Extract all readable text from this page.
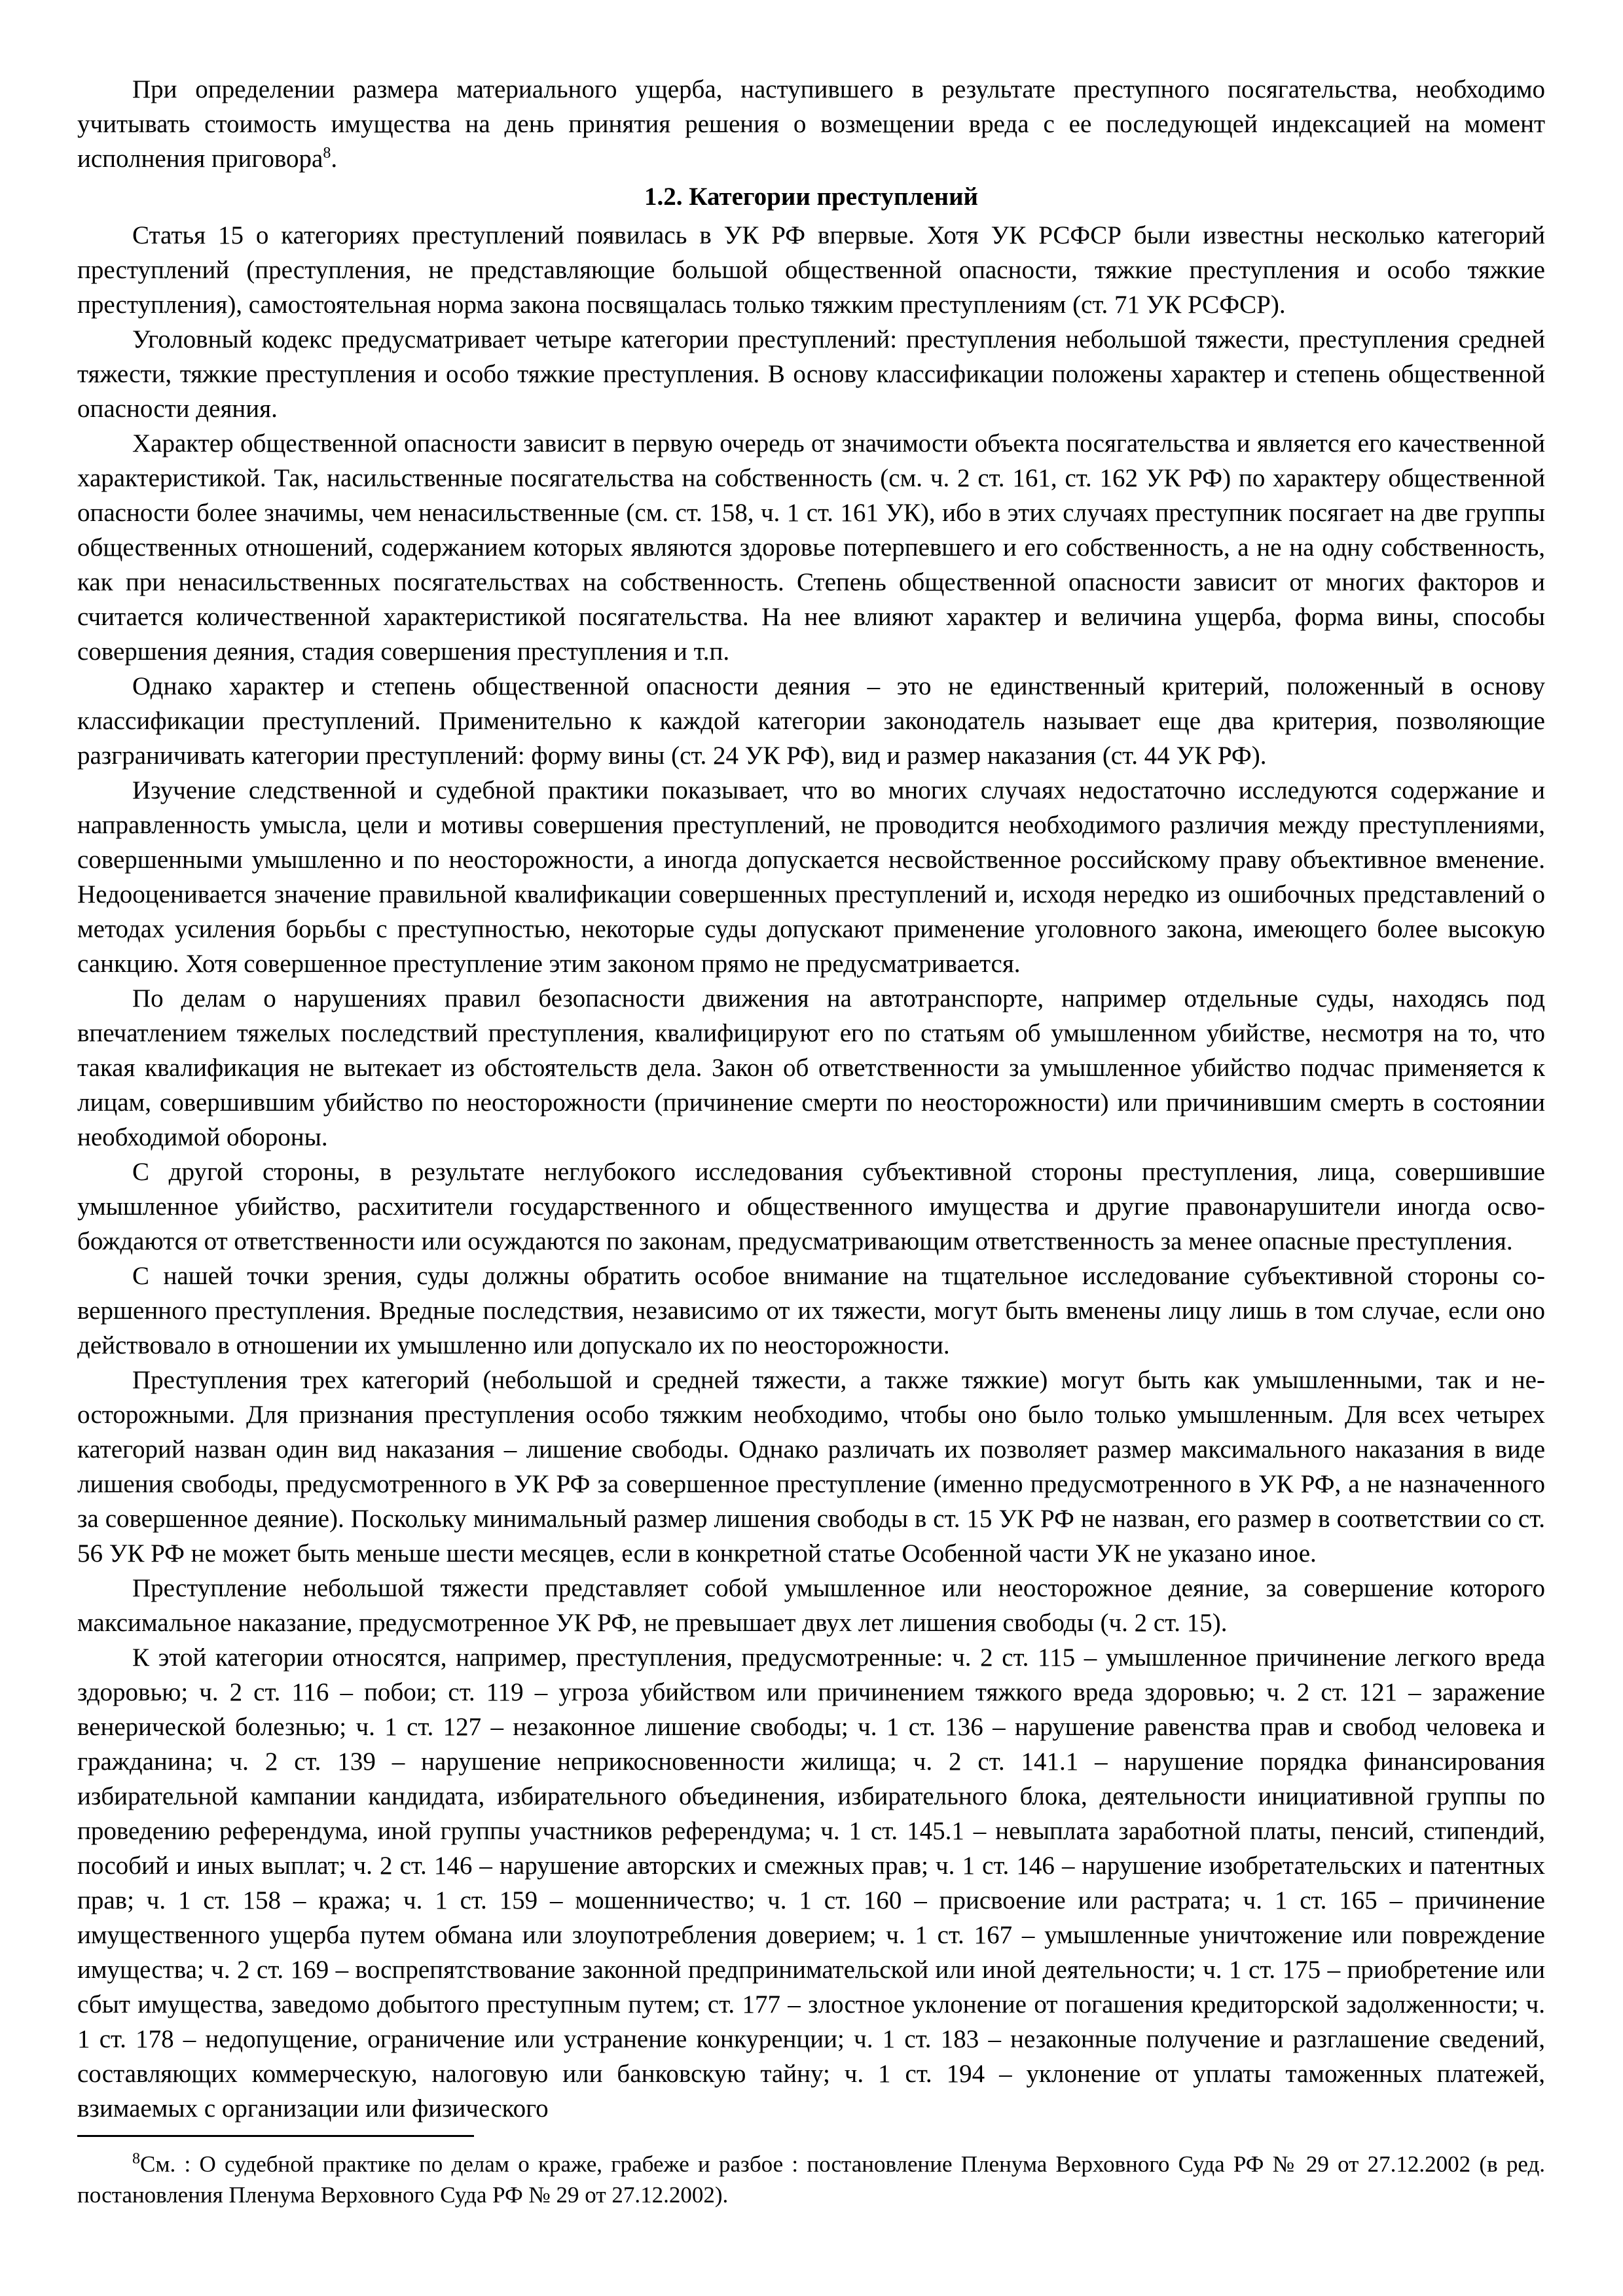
При определении размера материального ущерба, наступившего в результате преступного посягательства, необходимо учитывать стоимость имущества на день принятия решения о возмещении вреда с ее последующей индексацией на момент исполнения приговора$^8$.

1.2. Категории преступлений

Статья 15 о категориях преступлений появилась в УК РФ впервые. Хотя УК РСФСР были известны несколько категорий преступлений (преступления, не представляющие большой общественной опасности, тяжкие преступления и особо тяжкие преступления), самостоятельная норма закона посвящалась только тяжким преступлениям (ст. 71 УК РСФСР).

Уголовный кодекс предусматривает четыре категории преступлений: преступления небольшой тяжести, преступления средней тяжести, тяжкие преступления и особо тяжкие преступления. В основу классификации положены характер и степень общественной опасности деяния.

Характер общественной опасности зависит в первую очередь от значимости объекта посягательства и является его качественной характеристикой. Так, насильственные посягательства на собственность (см. ч. 2 ст. 161, ст. 162 УК РФ) по характеру общественной опасности более значимы, чем ненасильственные (см. ст. 158, ч. 1 ст. 161 УК), ибо в этих случаях преступник посягает на две группы общественных отношений, содержанием которых являются здоровье потерпевшего и его собственность, а не на одну собственность, как при ненасильственных посягательствах на собственность. Степень общественной опасности зависит от многих факторов и считается количественной характеристикой посягательства. На нее влияют характер и величина ущерба, форма вины, способы совершения деяния, стадия совершения преступления и т.п.

Однако характер и степень общественной опасности деяния – это не единственный критерий, положенный в основу классификации преступлений. Применительно к каждой категории законодатель называет еще два критерия, позволяющие разграничивать категории преступлений: форму вины (ст. 24 УК РФ), вид и размер наказания (ст. 44 УК РФ).

Изучение следственной и судебной практики показывает, что во многих случаях недостаточно исследуются содержание и направленность умысла, цели и мотивы совершения преступлений, не проводится необходимого различия между преступлениями, совершенными умышленно и по неосторожности, а иногда допускается несвойственное российскому праву объективное вменение. Недооценивается значение правильной квалификации совершенных преступлений и, исходя нередко из ошибочных представлений о методах усиления борьбы с преступностью, некоторые суды допускают применение уголовного закона, имеющего более высокую санкцию. Хотя совершенное преступление этим законом прямо не предусматривается.

По делам о нарушениях правил безопасности движения на автотранспорте, например отдельные суды, находясь под впечатлением тяжелых последствий преступления, квалифицируют его по статьям об умышленном убийстве, несмотря на то, что такая квалификация не вытекает из обстоятельств дела. Закон об ответственности за умышленное убийство подчас применяется к лицам, совершившим убийство по неосторожности (причинение смерти по неосторожности) или причинившим смерть в состоянии необходимой обороны.

С другой стороны, в результате неглубокого исследования субъективной стороны преступления, лица, совершившие умышленное убийство, расхитители государственного и общественного имущества и другие правонарушители иногда освобождаются от ответственности или осуждаются по законам, предусматривающим ответственность за менее опасные преступления.

С нашей точки зрения, суды должны обратить особое внимание на тщательное исследование субъективной стороны совершенного преступления. Вредные последствия, независимо от их тяжести, могут быть вменены лицу лишь в том случае, если оно действовало в отношении их умышленно или допускало их по неосторожности.

Преступления трех категорий (небольшой и средней тяжести, а также тяжкие) могут быть как умышленными, так и неосторожными. Для признания преступления особо тяжким необходимо, чтобы оно было только умышленным. Для всех четырех категорий назван один вид наказания – лишение свободы. Однако различать их позволяет размер максимального наказания в виде лишения свободы, предусмотренного в УК РФ за совершенное преступление (именно предусмотренного в УК РФ, а не назначенного за совершенное деяние). Поскольку минимальный размер лишения свободы в ст. 15 УК РФ не назван, его размер в соответствии со ст. 56 УК РФ не может быть меньше шести месяцев, если в конкретной статье Особенной части УК не указано иное.

Преступление небольшой тяжести представляет собой умышленное или неосторожное деяние, за совершение которого максимальное наказание, предусмотренное УК РФ, не превышает двух лет лишения свободы (ч. 2 ст. 15).

К этой категории относятся, например, преступления, предусмотренные: ч. 2 ст. 115 – умышленное причинение легкого вреда здоровью; ч. 2 ст. 116 – побои; ст. 119 – угроза убийством или причинением тяжкого вреда здоровью; ч. 2 ст. 121 – заражение венерической болезнью; ч. 1 ст. 127 – незаконное лишение свободы; ч. 1 ст. 136 – нарушение равенства прав и свобод человека и гражданина; ч. 2 ст. 139 – нарушение неприкосновенности жилища; ч. 2 ст. 141.1 – нарушение порядка финансирования избирательной кампании кандидата, избирательного объединения, избирательного блока, деятельности инициативной группы по проведению референдума, иной группы участников референдума; ч. 1 ст. 145.1 – невыплата заработной платы, пенсий, стипендий, пособий и иных выплат; ч. 2 ст. 146 – нарушение авторских и смежных прав; ч. 1 ст. 146 – нарушение изобретательских и патентных прав; ч. 1 ст. 158 – кража; ч. 1 ст. 159 – мошенничество; ч. 1 ст. 160 – присвоение или растрата; ч. 1 ст. 165 – причинение имущественного ущерба путем обмана или злоупотребления доверием; ч. 1 ст. 167 – умышленные уничтожение или повреждение имущества; ч. 2 ст. 169 – воспрепятствование законной предпринимательской или иной деятельности; ч. 1 ст. 175 – приобретение или сбыт имущества, заведомо добытого преступным путем; ст. 177 – злостное уклонение от погашения кредиторской задолженности; ч. 1 ст. 178 – недопущение, ограничение или устранение конкуренции; ч. 1 ст. 183 – незаконные получение и разглашение сведений, составляющих коммерческую, налоговую или банковскую тайну; ч. 1 ст. 194 – уклонение от уплаты таможенных платежей, взимаемых с организации или физического

$^8$См. : О судебной практике по делам о краже, грабеже и разбое : постановление Пленума Верховного Суда РФ № 29 от 27.12.2002 (в ред. постановления Пленума Верховного Суда РФ № 29 от 27.12.2002).
